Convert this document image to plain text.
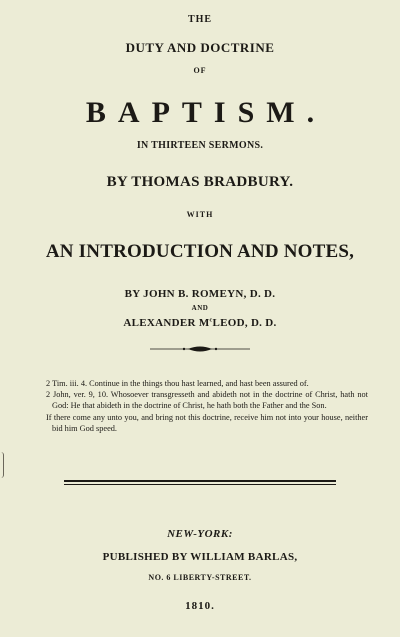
THE
DUTY AND DOCTRINE
OF
BAPTISM.
IN THIRTEEN SERMONS.
BY THOMAS BRADBURY.
WITH
AN INTRODUCTION AND NOTES,
BY JOHN B. ROMEYN, D. D.
AND
ALEXANDER $M^cLEOD$, D. D.

2 Tim. iii. 4. Continue in the things thou hast learned, and hast been assured of.

2 John, ver. 9, 10. Whosoever transgresseth and abideth not in the doctrine of Christ, hath not God: He that abideth in the doctrine of Christ, he hath both the Father and the Son.

If there come any unto you, and bring not this doctrine, receive him not into your house, neither bid him God speed.

NEW-YORK:
PUBLISHED BY WILLIAM BARLAS,
NO. 6 LIBERTY-STREET.
1810.
